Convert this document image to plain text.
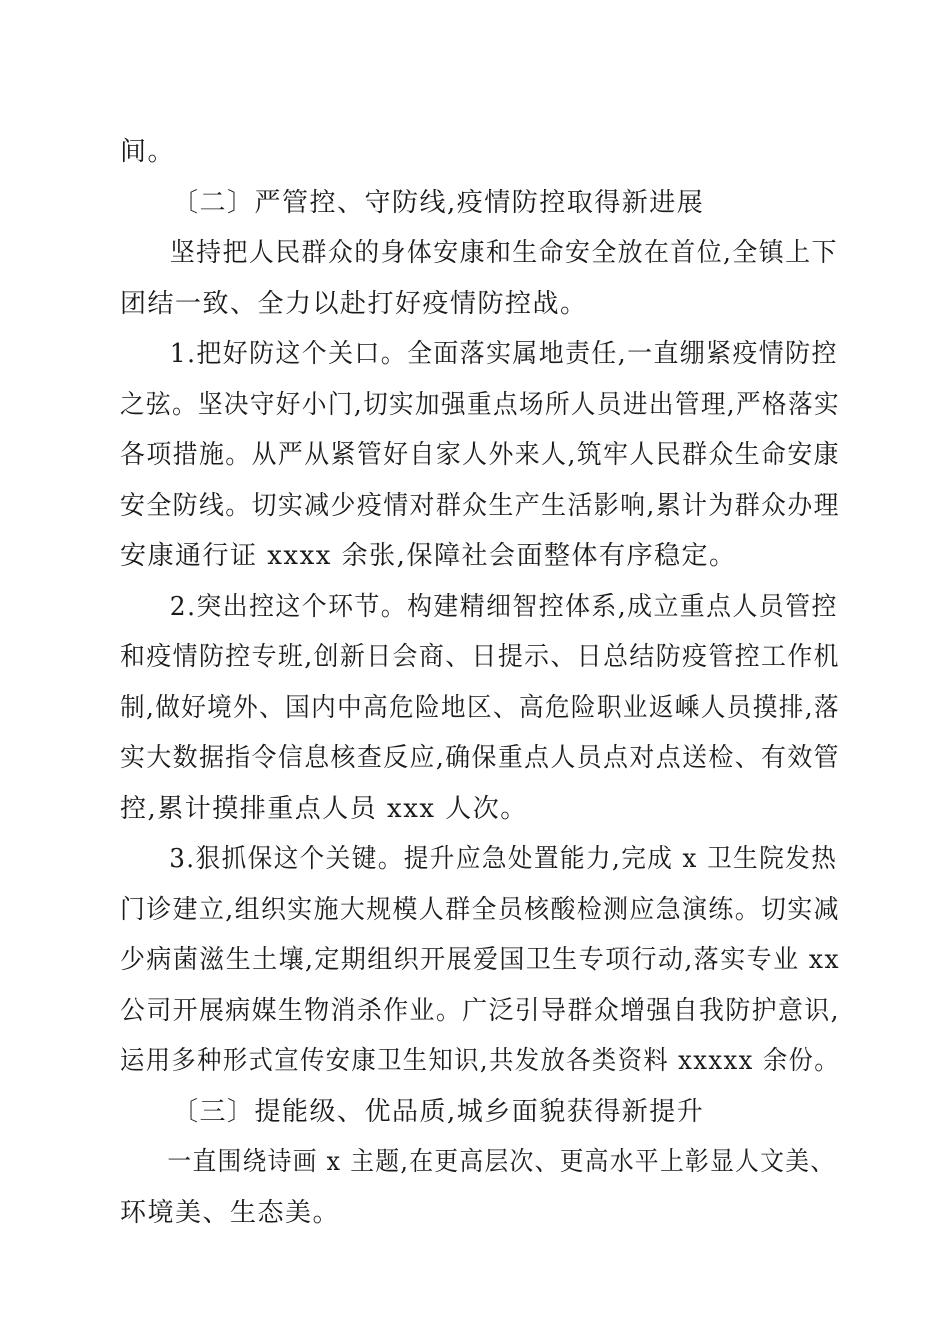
间。
〔二〕严管控、守防线,疫情防控取得新进展
坚持把人民群众的身体安康和生命安全放在首位,全镇上下
团结一致、全力以赴打好疫情防控战。
1.把好防这个关口。全面落实属地责任,一直绷紧疫情防控
之弦。坚决守好小门,切实加强重点场所人员进出管理,严格落实
各项措施。从严从紧管好自家人外来人,筑牢人民群众生命安康
安全防线。切实减少疫情对群众生产生活影响,累计为群众办理
安康通行证 xxxx 余张,保障社会面整体有序稳定。
2.突出控这个环节。构建精细智控体系,成立重点人员管控
和疫情防控专班,创新日会商、日提示、日总结防疫管控工作机
制,做好境外、国内中高危险地区、高危险职业返嵊人员摸排,落
实大数据指令信息核查反应,确保重点人员点对点送检、有效管
控,累计摸排重点人员 xxx 人次。
3.狠抓保这个关键。提升应急处置能力,完成 x 卫生院发热
门诊建立,组织实施大规模人群全员核酸检测应急演练。切实减
少病菌滋生土壤,定期组织开展爱国卫生专项行动,落实专业 xx
公司开展病媒生物消杀作业。广泛引导群众增强自我防护意识,
运用多种形式宣传安康卫生知识,共发放各类资料 xxxxx 余份。
〔三〕提能级、优品质,城乡面貌获得新提升
一直围绕诗画 x 主题,在更高层次、更高水平上彰显人文美、
环境美、生态美。
